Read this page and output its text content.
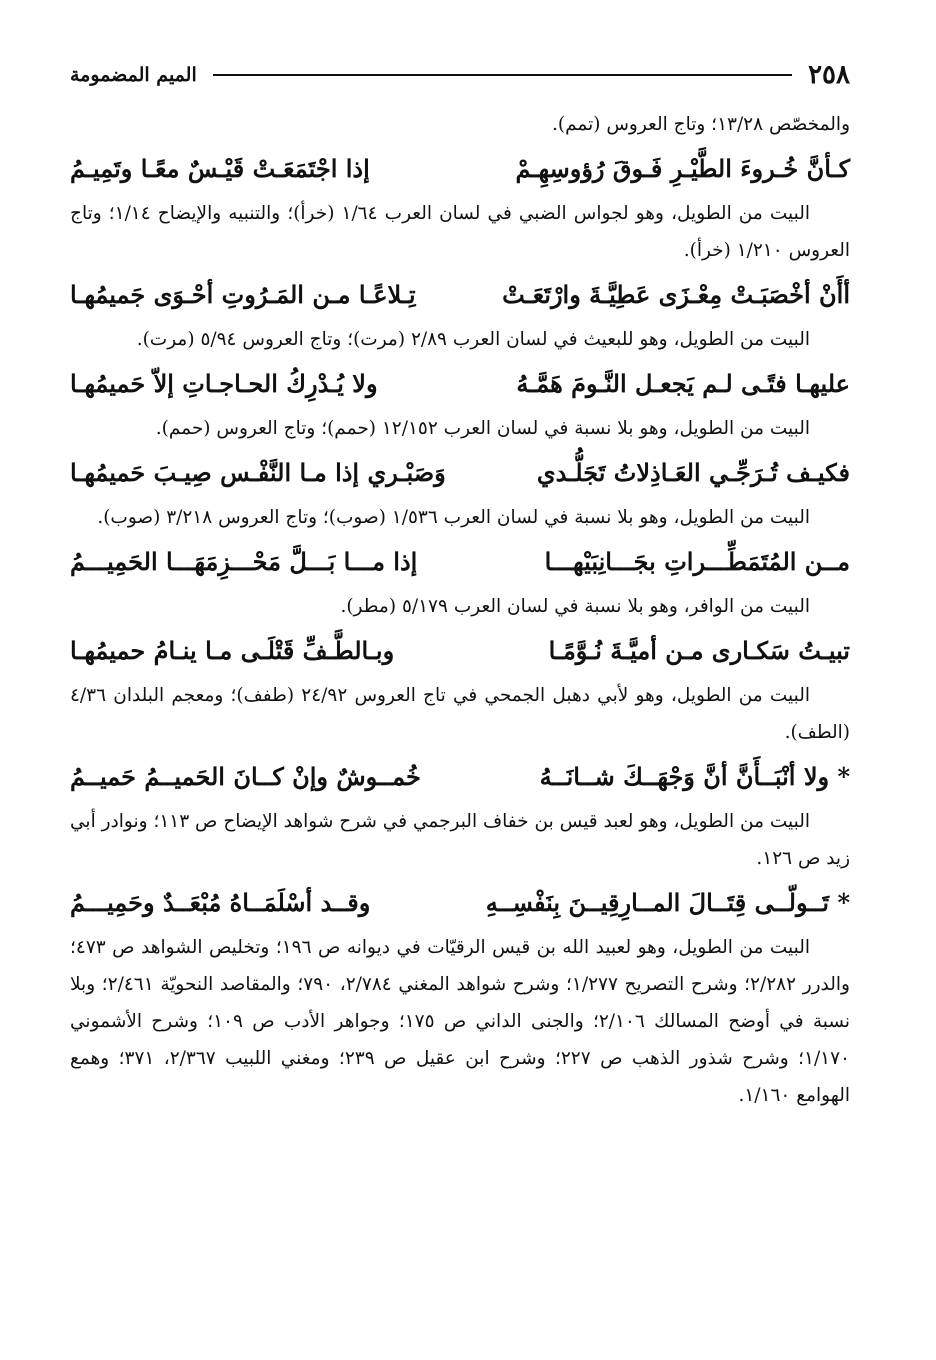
٢٥٨
الميم المضمومة

والمخصّص ١٣/٢٨؛ وتاج العروس (تمم).

كـأنَّ خُـروءَ الطَّيْـرِ فَـوقَ رُؤوسِهِـمْ
إذا اجْتَمَعَـتْ قَيْـسٌ معًـا وتَمِيـمُ

البيت من الطويل، وهو لجواس الضبي في لسان العرب ١/٦٤ (خرأ)؛ والتنبيه والإيضاح ١/١٤؛ وتاج العروس ١/٢١٠ (خرأ).

أأَنْ أخْصَبَـتْ مِعْـزَى عَطِيَّـةَ وارْتَعَـتْ
تِـلاعًـا مـن المَـرُوتِ أحْـوَى جَميمُهـا

البيت من الطويل، وهو للبعيث في لسان العرب ٢/٨٩ (مرت)؛ وتاج العروس ٥/٩٤ (مرت).

عليهـا فتًـى لـم يَجعـل النَّـومَ هَمَّـهُ
ولا يُـدْرِكُ الحـاجـاتِ إلاّ حَميمُهـا

البيت من الطويل، وهو بلا نسبة في لسان العرب ١٢/١٥٢ (حمم)؛ وتاج العروس (حمم).

فكيـف تُـرَجِّـي العَـاذِلاتُ تَجَلُّـدي
وَصَبْـري إذا مـا النَّفْـس صِيـبَ حَميمُهـا

البيت من الطويل، وهو بلا نسبة في لسان العرب ١/٥٣٦ (صوب)؛ وتاج العروس ٣/٢١٨ (صوب).

مــن المُتَمَطِّـــراتِ بجَـــانِبَيْهـــا
إذا مـــا بَـــلَّ مَحْـــزِمَهَـــا الحَمِيـــمُ

البيت من الوافر، وهو بلا نسبة في لسان العرب ٥/١٧٩ (مطر).

تبيـتُ سَكـارى مـن أميَّـةَ نُـوَّمًـا
وبـالطَّـفِّ قَتْلَـى مـا ينـامُ حميمُهـا

البيت من الطويل، وهو لأبي دهبل الجمحي في تاج العروس ٢٤/٩٢ (طفف)؛ ومعجم البلدان ٤/٣٦ (الطف).

* ولا أنْبَــأَنَّ أنَّ وَجْهَــكَ شــانَــهُ
خُمــوشٌ وإنْ كــانَ الحَميــمُ حَميــمُ

البيت من الطويل، وهو لعبد قيس بن خفاف البرجمي في شرح شواهد الإيضاح ص ١١٣؛ ونوادر أبي زيد ص ١٢٦.

* تَــولّــى قِتَــالَ المــارِقِيــنَ بِنَفْسِــهِ
وقــد أسْلَمَــاهُ مُبْعَــدٌ وحَمِيـــمُ

البيت من الطويل، وهو لعبيد الله بن قيس الرقيّات في ديوانه ص ١٩٦؛ وتخليص الشواهد ص ٤٧٣؛ والدرر ٢/٢٨٢؛ وشرح التصريح ١/٢٧٧؛ وشرح شواهد المغني ٢/٧٨٤، ٧٩٠؛ والمقاصد النحويّة ٢/٤٦١؛ وبلا نسبة في أوضح المسالك ٢/١٠٦؛ والجنى الداني ص ١٧٥؛ وجواهر الأدب ص ١٠٩؛ وشرح الأشموني ١/١٧٠؛ وشرح شذور الذهب ص ٢٢٧؛ وشرح ابن عقيل ص ٢٣٩؛ ومغني اللبيب ٢/٣٦٧، ٣٧١؛ وهمع الهوامع ١/١٦٠.
